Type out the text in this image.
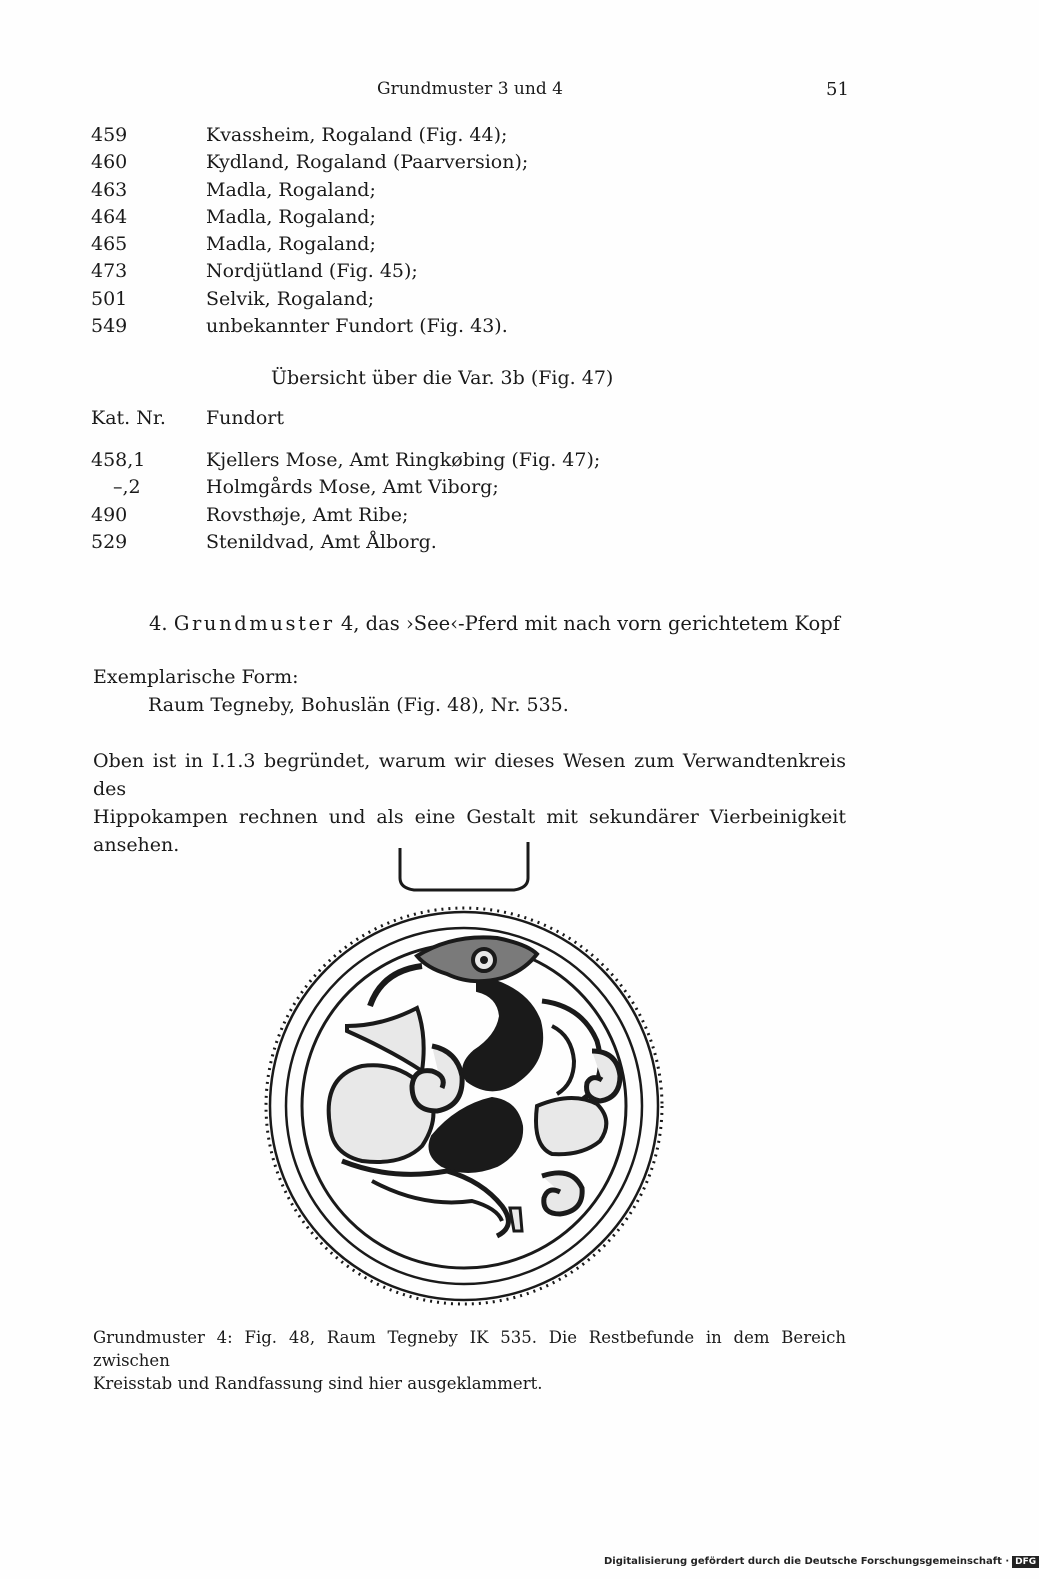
Grundmuster 3 und 4	51
459	Kvassheim, Rogaland (Fig. 44);
460	Kydland, Rogaland (Paarversion);
463	Madla, Rogaland;
464	Madla, Rogaland;
465	Madla, Rogaland;
473	Nordjütland (Fig. 45);
501	Selvik, Rogaland;
549	unbekannter Fundort (Fig. 43).
Übersicht über die Var. 3b (Fig. 47)
Kat. Nr. Fundort
458,1	Kjellers Mose, Amt Ringkøbing (Fig. 47);
–,2	Holmgårds Mose, Amt Viborg;
490	Rovsthøje, Amt Ribe;
529	Stenildvad, Amt Ålborg.
4. Grundmuster 4, das ›See‹-Pferd mit nach vorn gerichtetem Kopf
Exemplarische Form:
Raum Tegneby, Bohuslän (Fig. 48), Nr. 535.

Oben ist in I.1.3 begründet, warum wir dieses Wesen zum Verwandtenkreis des

Hippokampen rechnen und als eine Gestalt mit sekundärer Vierbeinigkeit ansehen.

Grundmuster 4: Fig. 48, Raum Tegneby IK 535. Die Restbefunde in dem Bereich zwischen

Kreisstab und Randfassung sind hier ausgeklammert.

Digitalisierung gefördert durch die Deutsche Forschungsgemeinschaft · DFG
